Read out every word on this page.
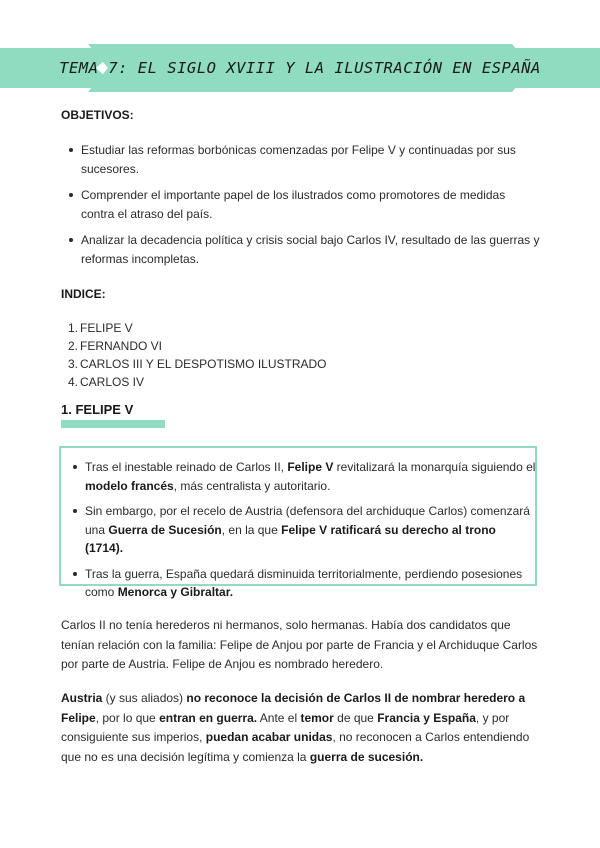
TEMA 7: EL SIGLO XVIII Y LA ILUSTRACIÓN EN ESPAÑA
OBJETIVOS:
Estudiar las reformas borbónicas comenzadas por Felipe V y continuadas por sus sucesores.
Comprender el importante papel de los ilustrados como promotores de medidas contra el atraso del país.
Analizar la decadencia política y crisis social bajo Carlos IV, resultado de las guerras y reformas incompletas.
INDICE:
1. FELIPE V
2. FERNANDO VI
3. CARLOS III Y EL DESPOTISMO ILUSTRADO
4. CARLOS IV
1. FELIPE V
Tras el inestable reinado de Carlos II, Felipe V revitalizará la monarquía siguiendo el modelo francés, más centralista y autoritario.
Sin embargo, por el recelo de Austria (defensora del archiduque Carlos) comenzará una Guerra de Sucesión, en la que Felipe V ratificará su derecho al trono (1714).
Tras la guerra, España quedará disminuida territorialmente, perdiendo posesiones como Menorca y Gibraltar.

Carlos II no tenía herederos ni hermanos, solo hermanas. Había dos candidatos que tenían relación con la familia: Felipe de Anjou por parte de Francia y el Archiduque Carlos por parte de Austria. Felipe de Anjou es nombrado heredero.

Austria (y sus aliados) no reconoce la decisión de Carlos II de nombrar heredero a Felipe, por lo que entran en guerra. Ante el temor de que Francia y España, y por consiguiente sus imperios, puedan acabar unidas, no reconocen a Carlos entendiendo que no es una decisión legítima y comienza la guerra de sucesión.
